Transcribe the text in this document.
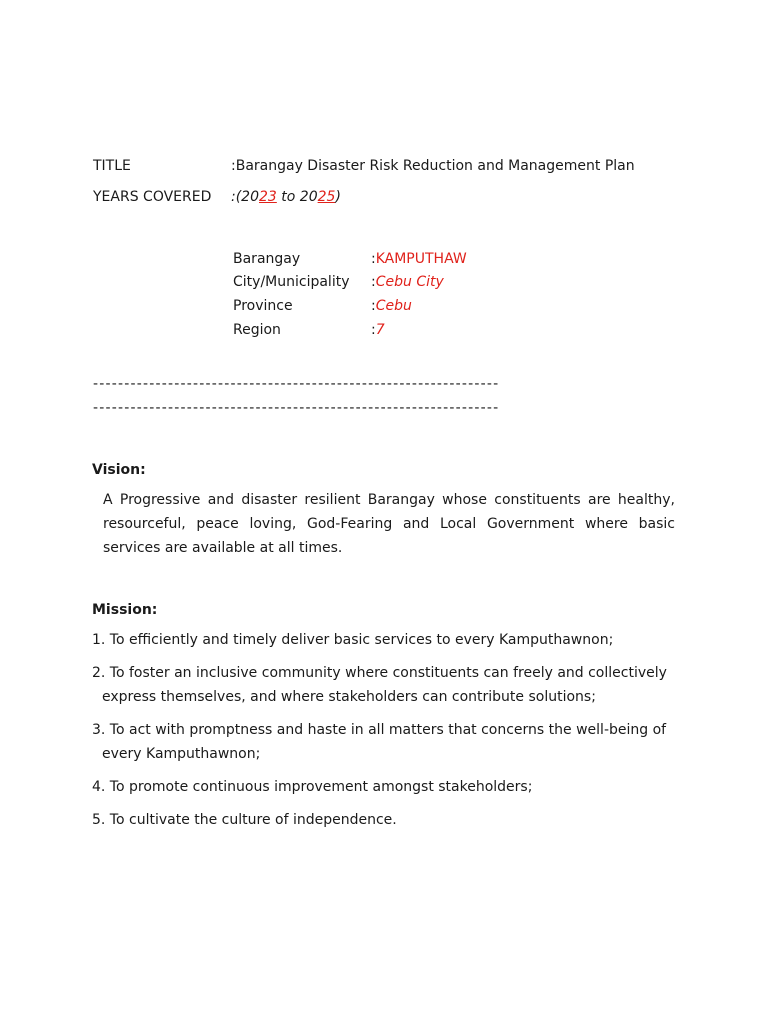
TITLE	:Barangay Disaster Risk Reduction and Management Plan
YEARS COVERED :(2023 to 2025)
Barangay	:KAMPUTHAW
City/Municipality :Cebu City
Province	:Cebu
Region	:7
-----------------------------------------------------------------
-----------------------------------------------------------------
Vision:
A Progressive and disaster resilient Barangay whose constituents are healthy, resourceful, peace loving, God-Fearing and Local Government where basic services are available at all times.
Mission:
1. To efficiently and timely deliver basic services to every Kamputhawnon;
2. To foster an inclusive community where constituents can freely and collectively express themselves, and where stakeholders can contribute solutions;
3. To act with promptness and haste in all matters that concerns the well-being of every Kamputhawnon;
4. To promote continuous improvement amongst stakeholders;
5. To cultivate the culture of independence.
